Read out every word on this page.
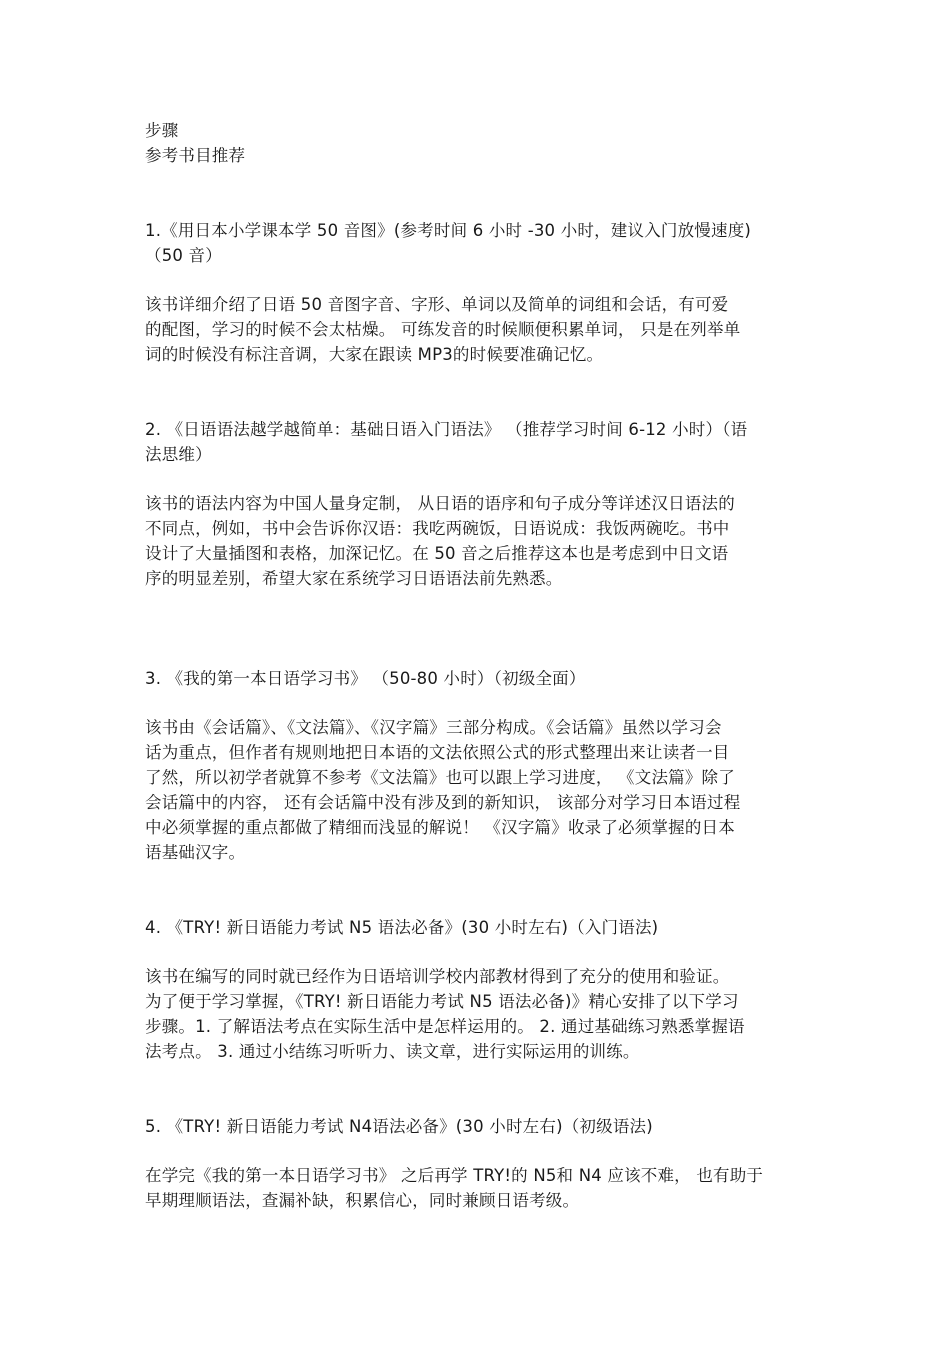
步骤
参考书目推荐
1.《用日本小学课本学 50 音图》(参考时间 6 小时 -30 小时，建议入门放慢速度)
（50 音）
该书详细介绍了日语 50 音图字音、字形、单词以及简单的词组和会话，有可爱
的配图，学习的时候不会太枯燥。 可练发音的时候顺便积累单词， 只是在列举单
词的时候没有标注音调，大家在跟读 MP3的时候要准确记忆。
2. 《日语语法越学越简单：基础日语入门语法》 （推荐学习时间 6-12 小时）（语
法思维）
该书的语法内容为中国人量身定制， 从日语的语序和句子成分等详述汉日语法的
不同点，例如，书中会告诉你汉语：我吃两碗饭，日语说成：我饭两碗吃。书中
设计了大量插图和表格，加深记忆。在 50 音之后推荐这本也是考虑到中日文语
序的明显差别，希望大家在系统学习日语语法前先熟悉。
3. 《我的第一本日语学习书》 （50-80 小时）（初级全面）
该书由《会话篇》、《文法篇》、《汉字篇》三部分构成。《会话篇》虽然以学习会
话为重点，但作者有规则地把日本语的文法依照公式的形式整理出来让读者一目
了然，所以初学者就算不参考《文法篇》也可以跟上学习进度， 《文法篇》除了
会话篇中的内容， 还有会话篇中没有涉及到的新知识， 该部分对学习日本语过程
中必须掌握的重点都做了精细而浅显的解说！ 《汉字篇》收录了必须掌握的日本
语基础汉字。
4. 《TRY! 新日语能力考试 N5 语法必备》(30 小时左右)（入门语法)
该书在编写的同时就已经作为日语培训学校内部教材得到了充分的使用和验证。
为了便于学习掌握，《TRY! 新日语能力考试 N5 语法必备)》精心安排了以下学习
步骤。1. 了解语法考点在实际生活中是怎样运用的。 2. 通过基础练习熟悉掌握语
法考点。 3. 通过小结练习听听力、读文章，进行实际运用的训练。
5. 《TRY! 新日语能力考试 N4语法必备》(30 小时左右)（初级语法)
在学完《我的第一本日语学习书》 之后再学 TRY!的 N5和 N4 应该不难， 也有助于
早期理顺语法，查漏补缺，积累信心，同时兼顾日语考级。
